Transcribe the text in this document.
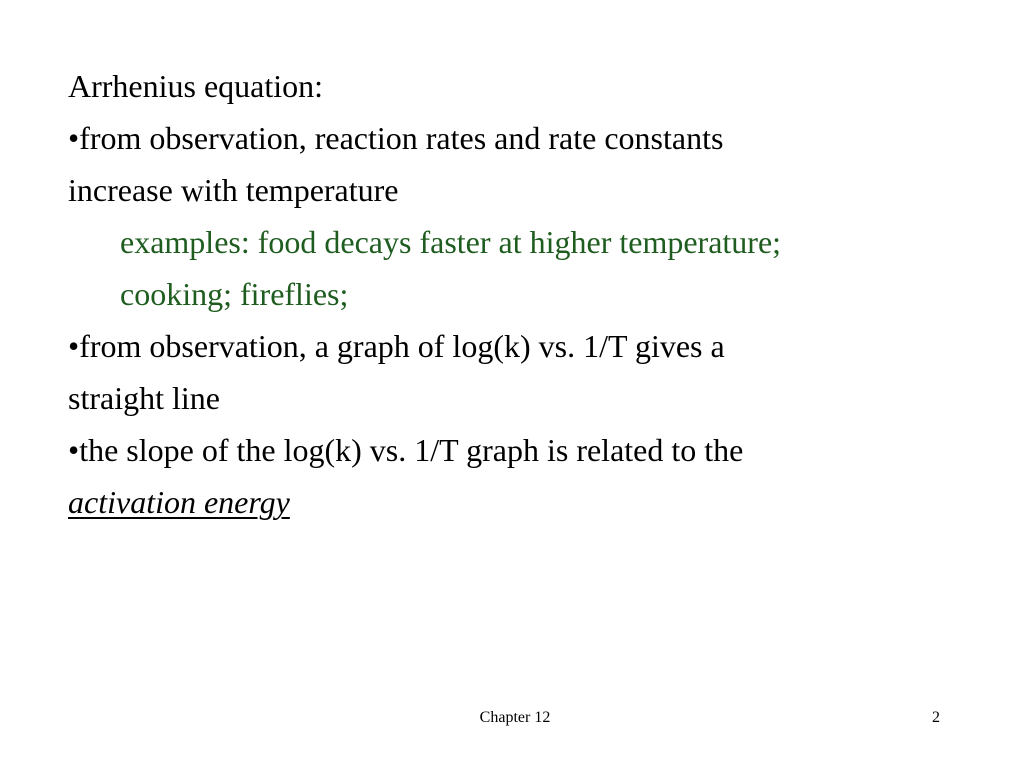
Arrhenius equation:
•from observation, reaction rates and rate constants
increase with temperature
examples: food decays faster at higher temperature;
cooking; fireflies;
•from observation, a graph of log(k) vs. 1/T gives a
straight line
•the slope of the log(k) vs. 1/T graph is related to the
activation energy
Chapter 12	2
